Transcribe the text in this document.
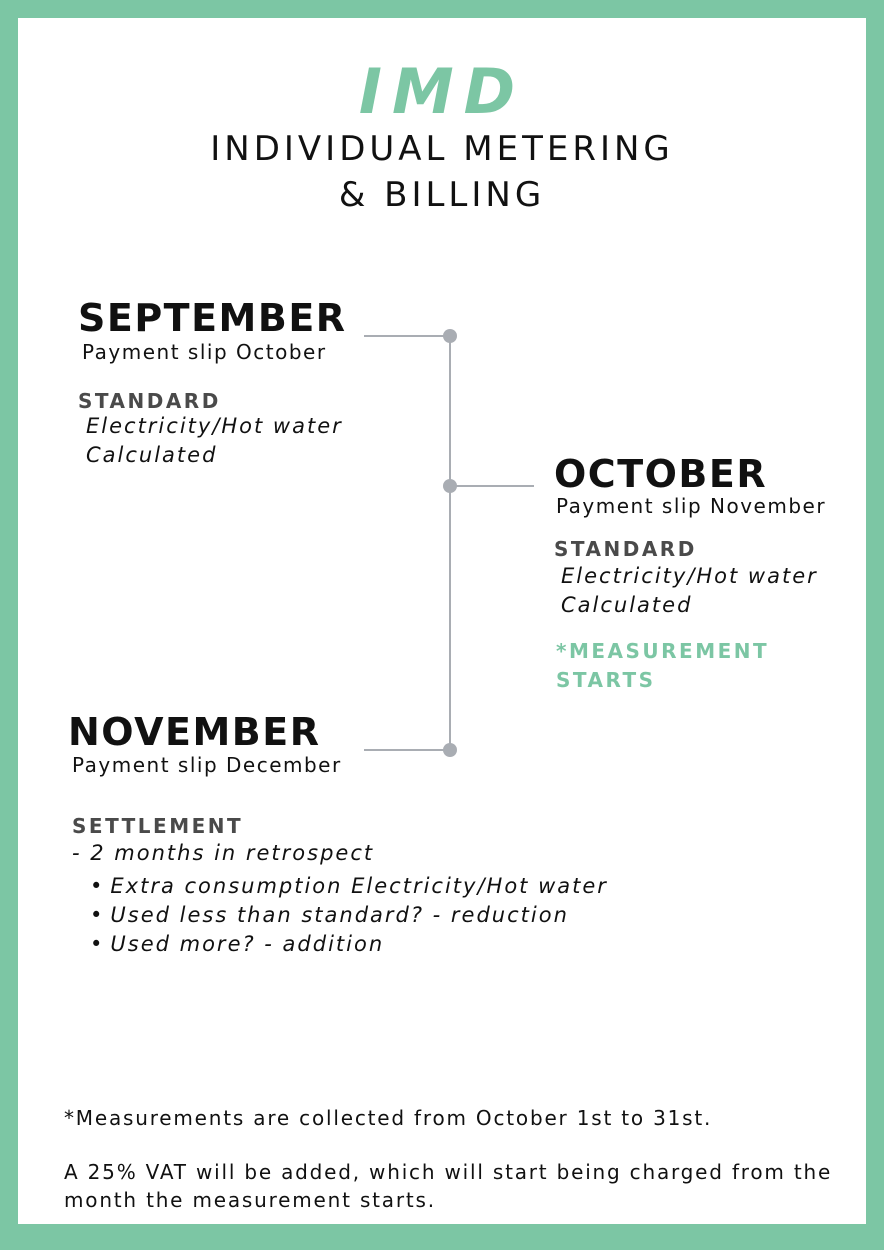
IMD

INDIVIDUAL METERING

& BILLING

SEPTEMBER

Payment slip October

STANDARD

Electricity/Hot water

Calculated	OCTOBER

Payment slip November

STANDARD

Electricity/Hot water

Calculated

*MEASUREMENT

STARTS

NOVEMBER

Payment slip December

SETTLEMENT

- 2 months in retrospect

• Extra consumption Electricity/Hot water
• Used less than standard? - reduction
• Used more? - addition

*Measurements are collected from October 1st to 31st.

A 25% VAT will be added, which will start being charged from the month the measurement starts.
